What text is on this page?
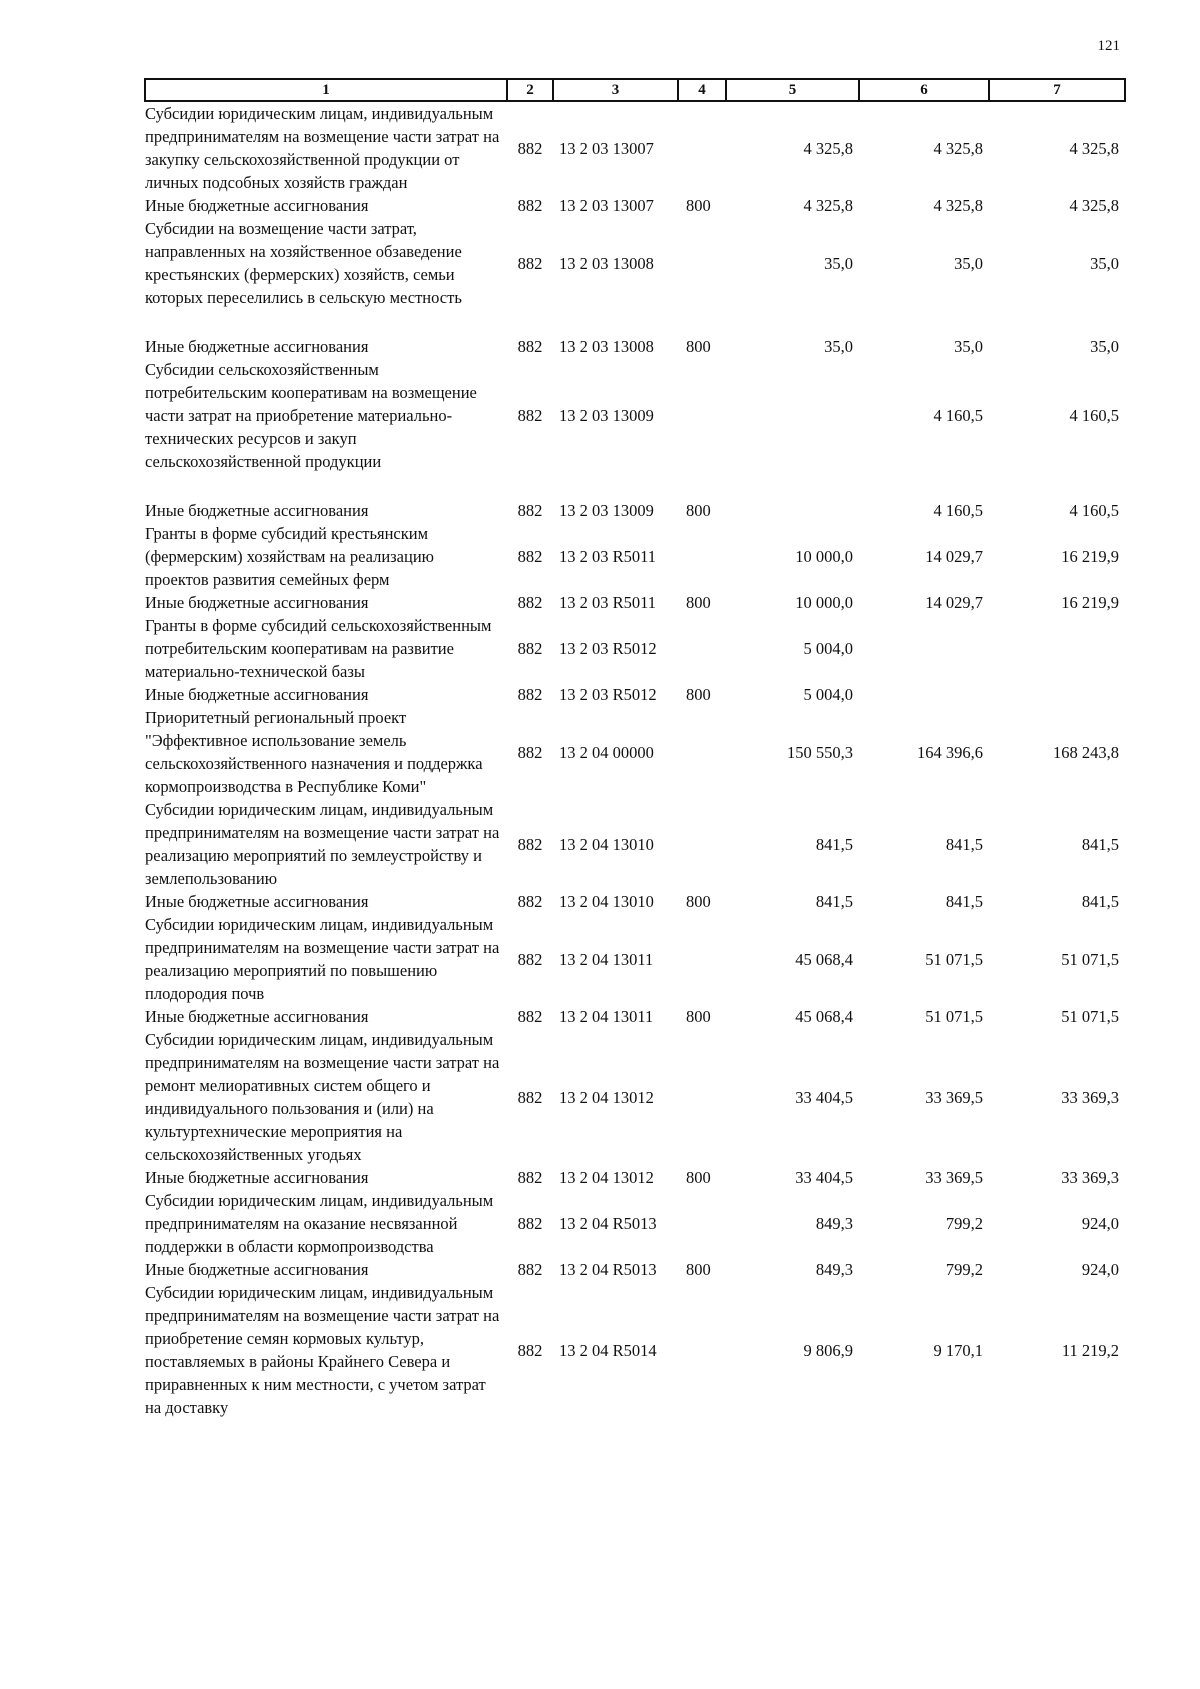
121
1	2	3	4	5	6	7
Субсидии юридическим лицам, индивидуальным предпринимателям на возмещение части затрат на закупку сельскохозяйственной продукции от личных подсобных хозяйств граждан	882	13 2 03 13007		4 325,8	4 325,8	4 325,8
Иные бюджетные ассигнования	882	13 2 03 13007	800	4 325,8	4 325,8	4 325,8
Субсидии на возмещение части затрат, направленных на хозяйственное обзаведение крестьянских (фермерских) хозяйств, семьи которых переселились в сельскую местность	882	13 2 03 13008		35,0	35,0	35,0

Иные бюджетные ассигнования	882	13 2 03 13008	800	35,0	35,0	35,0
Субсидии сельскохозяйственным потребительским кооперативам на возмещение части затрат на приобретение материально-технических ресурсов и закуп сельскохозяйственной продукции	882	13 2 03 13009			4 160,5	4 160,5

Иные бюджетные ассигнования	882	13 2 03 13009	800		4 160,5	4 160,5
Гранты в форме субсидий крестьянским (фермерским) хозяйствам на реализацию проектов развития семейных ферм	882	13 2 03 R5011		10 000,0	14 029,7	16 219,9
Иные бюджетные ассигнования	882	13 2 03 R5011	800	10 000,0	14 029,7	16 219,9
Гранты в форме субсидий сельскохозяйственным потребительским кооперативам на развитие материально-технической базы	882	13 2 03 R5012		5 004,0		
Иные бюджетные ассигнования	882	13 2 03 R5012	800	5 004,0		
Приоритетный региональный проект "Эффективное использование земель сельскохозяйственного назначения и поддержка кормопроизводства в Республике Коми"	882	13 2 04 00000		150 550,3	164 396,6	168 243,8
Субсидии юридическим лицам, индивидуальным предпринимателям на возмещение части затрат на реализацию мероприятий по землеустройству и землепользованию	882	13 2 04 13010		841,5	841,5	841,5
Иные бюджетные ассигнования	882	13 2 04 13010	800	841,5	841,5	841,5
Субсидии юридическим лицам, индивидуальным предпринимателям на возмещение части затрат на реализацию мероприятий по повышению плодородия почв	882	13 2 04 13011		45 068,4	51 071,5	51 071,5
Иные бюджетные ассигнования	882	13 2 04 13011	800	45 068,4	51 071,5	51 071,5
Субсидии юридическим лицам, индивидуальным предпринимателям на возмещение части затрат на ремонт мелиоративных систем общего и индивидуального пользования и (или) на культуртехнические мероприятия на сельскохозяйственных угодьях	882	13 2 04 13012		33 404,5	33 369,5	33 369,3
Иные бюджетные ассигнования	882	13 2 04 13012	800	33 404,5	33 369,5	33 369,3
Субсидии юридическим лицам, индивидуальным предпринимателям на оказание несвязанной поддержки в области кормопроизводства	882	13 2 04 R5013		849,3	799,2	924,0
Иные бюджетные ассигнования	882	13 2 04 R5013	800	849,3	799,2	924,0
Субсидии юридическим лицам, индивидуальным предпринимателям на возмещение части затрат на приобретение семян кормовых культур, поставляемых в районы Крайнего Севера и приравненных к ним местности, с учетом затрат на доставку	882	13 2 04 R5014		9 806,9	9 170,1	11 219,2
